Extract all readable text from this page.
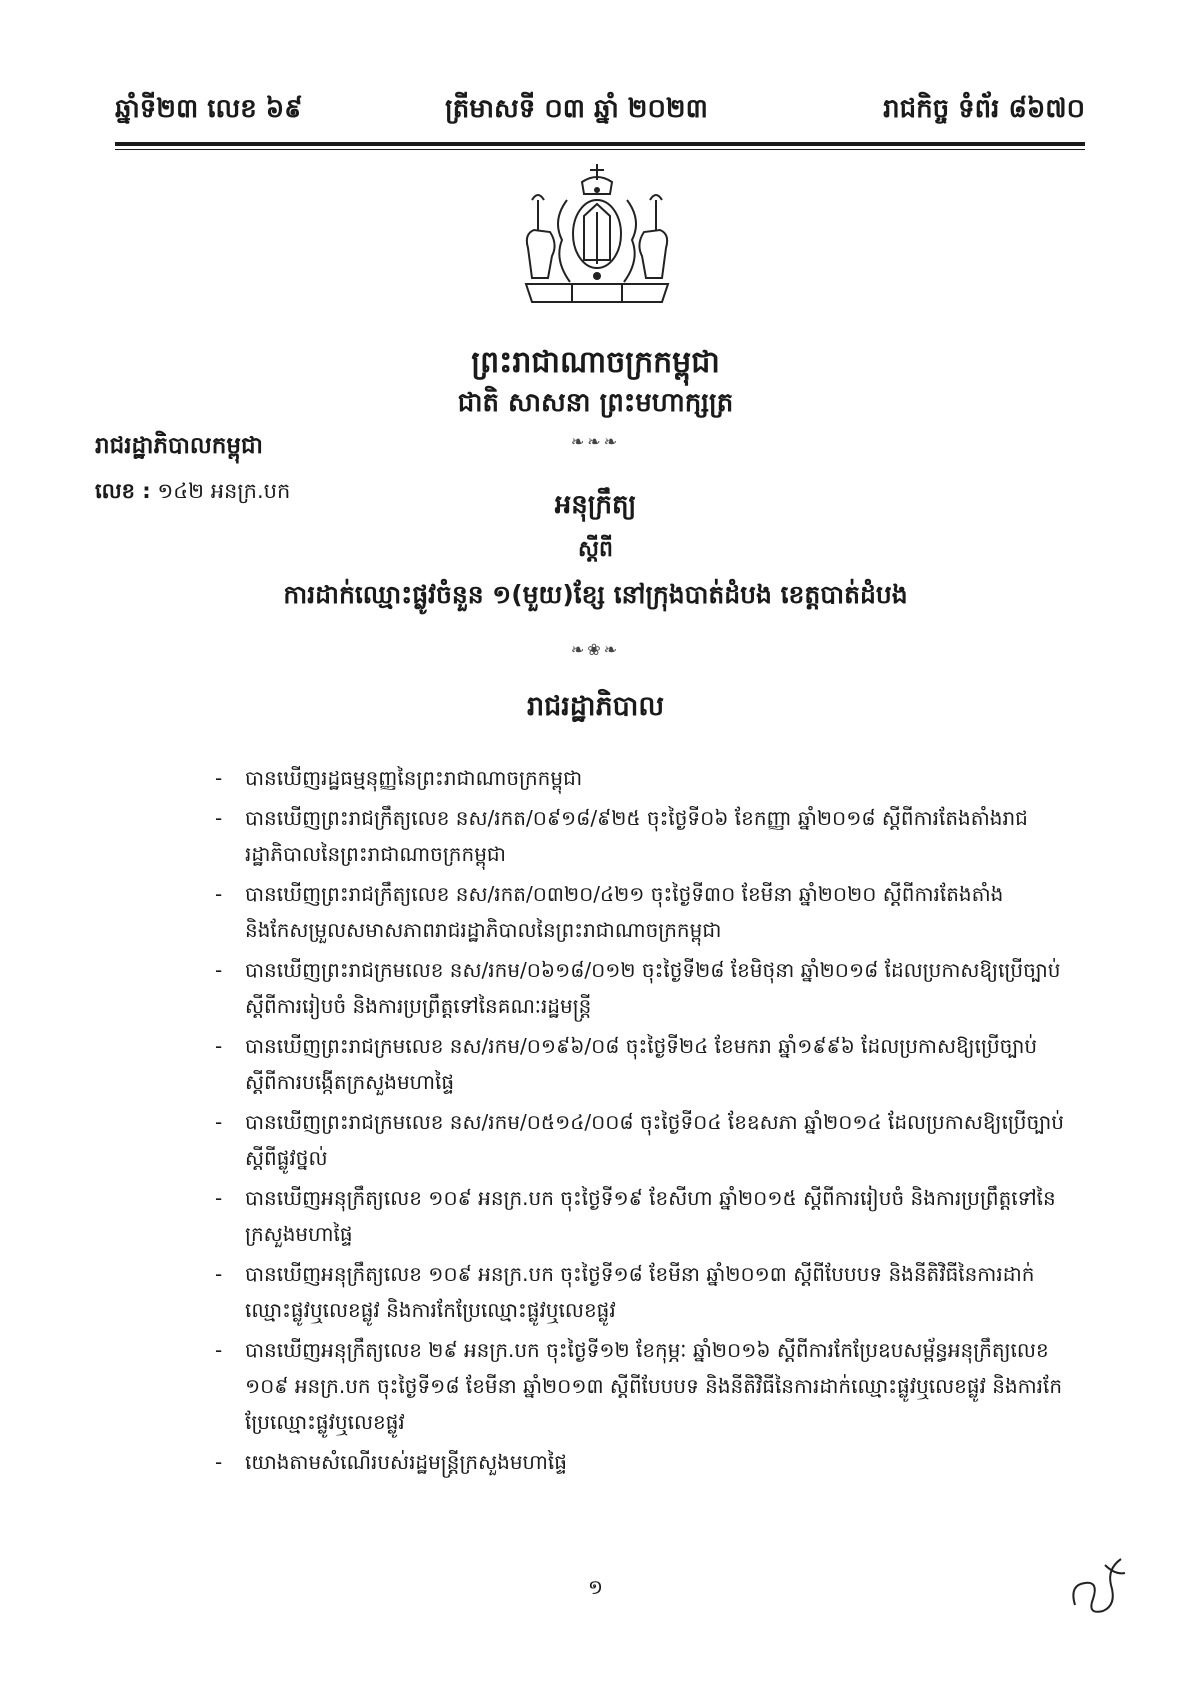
ឆ្នាំទី២៣ លេខ ៦៩	ត្រីមាសទី ០៣ ឆ្នាំ ២០២៣	រាជកិច្ច ទំព័រ ៨៦៧០
ព្រះរាជាណាចក្រកម្ពុជា
ជាតិ សាសនា ព្រះមហាក្សត្រ
❧❧❧
រាជរដ្ឋាភិបាលកម្ពុជា
លេខ : ១៤២ អនក្រ.បក	អនុក្រឹត្យ
ស្ដីពី
ការដាក់ឈ្មោះផ្លូវចំនួន ១(មួយ)ខ្សែ នៅក្រុងបាត់ដំបង ខេត្តបាត់ដំបង
❧❀❧
រាជរដ្ឋាភិបាល
- បានឃើញរដ្ឋធម្មនុញ្ញនៃព្រះរាជាណាចក្រកម្ពុជា
- បានឃើញព្រះរាជក្រឹត្យលេខ នស/រកត/០៩១៨/៩២៥ ចុះថ្ងៃទី០៦ ខែកញ្ញា ឆ្នាំ២០១៨ ស្ដីពីការតែងតាំងរាជរដ្ឋាភិបាលនៃព្រះរាជាណាចក្រកម្ពុជា
- បានឃើញព្រះរាជក្រឹត្យលេខ នស/រកត/០៣២០/៤២១ ចុះថ្ងៃទី៣០ ខែមីនា ឆ្នាំ២០២០ ស្ដីពីការតែងតាំង និងកែសម្រួលសមាសភាពរាជរដ្ឋាភិបាលនៃព្រះរាជាណាចក្រកម្ពុជា
- បានឃើញព្រះរាជក្រមលេខ នស/រកម/០៦១៨/០១២ ចុះថ្ងៃទី២៨ ខែមិថុនា ឆ្នាំ២០១៨ ដែលប្រកាសឱ្យប្រើច្បាប់ស្ដីពីការរៀបចំ និងការប្រព្រឹត្តទៅនៃគណៈរដ្ឋមន្ត្រី
- បានឃើញព្រះរាជក្រមលេខ នស/រកម/០១៩៦/០៨ ចុះថ្ងៃទី២៤ ខែមករា ឆ្នាំ១៩៩៦ ដែលប្រកាសឱ្យប្រើច្បាប់ស្ដីពីការបង្កើតក្រសួងមហាផ្ទៃ
- បានឃើញព្រះរាជក្រមលេខ នស/រកម/០៥១៤/០០៨ ចុះថ្ងៃទី០៤ ខែឧសភា ឆ្នាំ២០១៤ ដែលប្រកាសឱ្យប្រើច្បាប់ស្ដីពីផ្លូវថ្នល់
- បានឃើញអនុក្រឹត្យលេខ ១០៩ អនក្រ.បក ចុះថ្ងៃទី១៩ ខែសីហា ឆ្នាំ២០១៥ ស្ដីពីការរៀបចំ និងការប្រព្រឹត្តទៅនៃក្រសួងមហាផ្ទៃ
- បានឃើញអនុក្រឹត្យលេខ ១០៩ អនក្រ.បក ចុះថ្ងៃទី១៨ ខែមីនា ឆ្នាំ២០១៣ ស្ដីពីបែបបទ និងនីតិវិធីនៃការដាក់ឈ្មោះផ្លូវឬលេខផ្លូវ និងការកែប្រែឈ្មោះផ្លូវឬលេខផ្លូវ
- បានឃើញអនុក្រឹត្យលេខ ២៩ អនក្រ.បក ចុះថ្ងៃទី១២ ខែកុម្ភៈ ឆ្នាំ២០១៦ ស្ដីពីការកែប្រែឧបសម្ព័ន្ធអនុក្រឹត្យលេខ ១០៩ អនក្រ.បក ចុះថ្ងៃទី១៨ ខែមីនា ឆ្នាំ២០១៣ ស្ដីពីបែបបទ និងនីតិវិធីនៃការដាក់ឈ្មោះផ្លូវឬលេខផ្លូវ និងការកែប្រែឈ្មោះផ្លូវឬលេខផ្លូវ
- យោងតាមសំណើរបស់រដ្ឋមន្ត្រីក្រសួងមហាផ្ទៃ
១
